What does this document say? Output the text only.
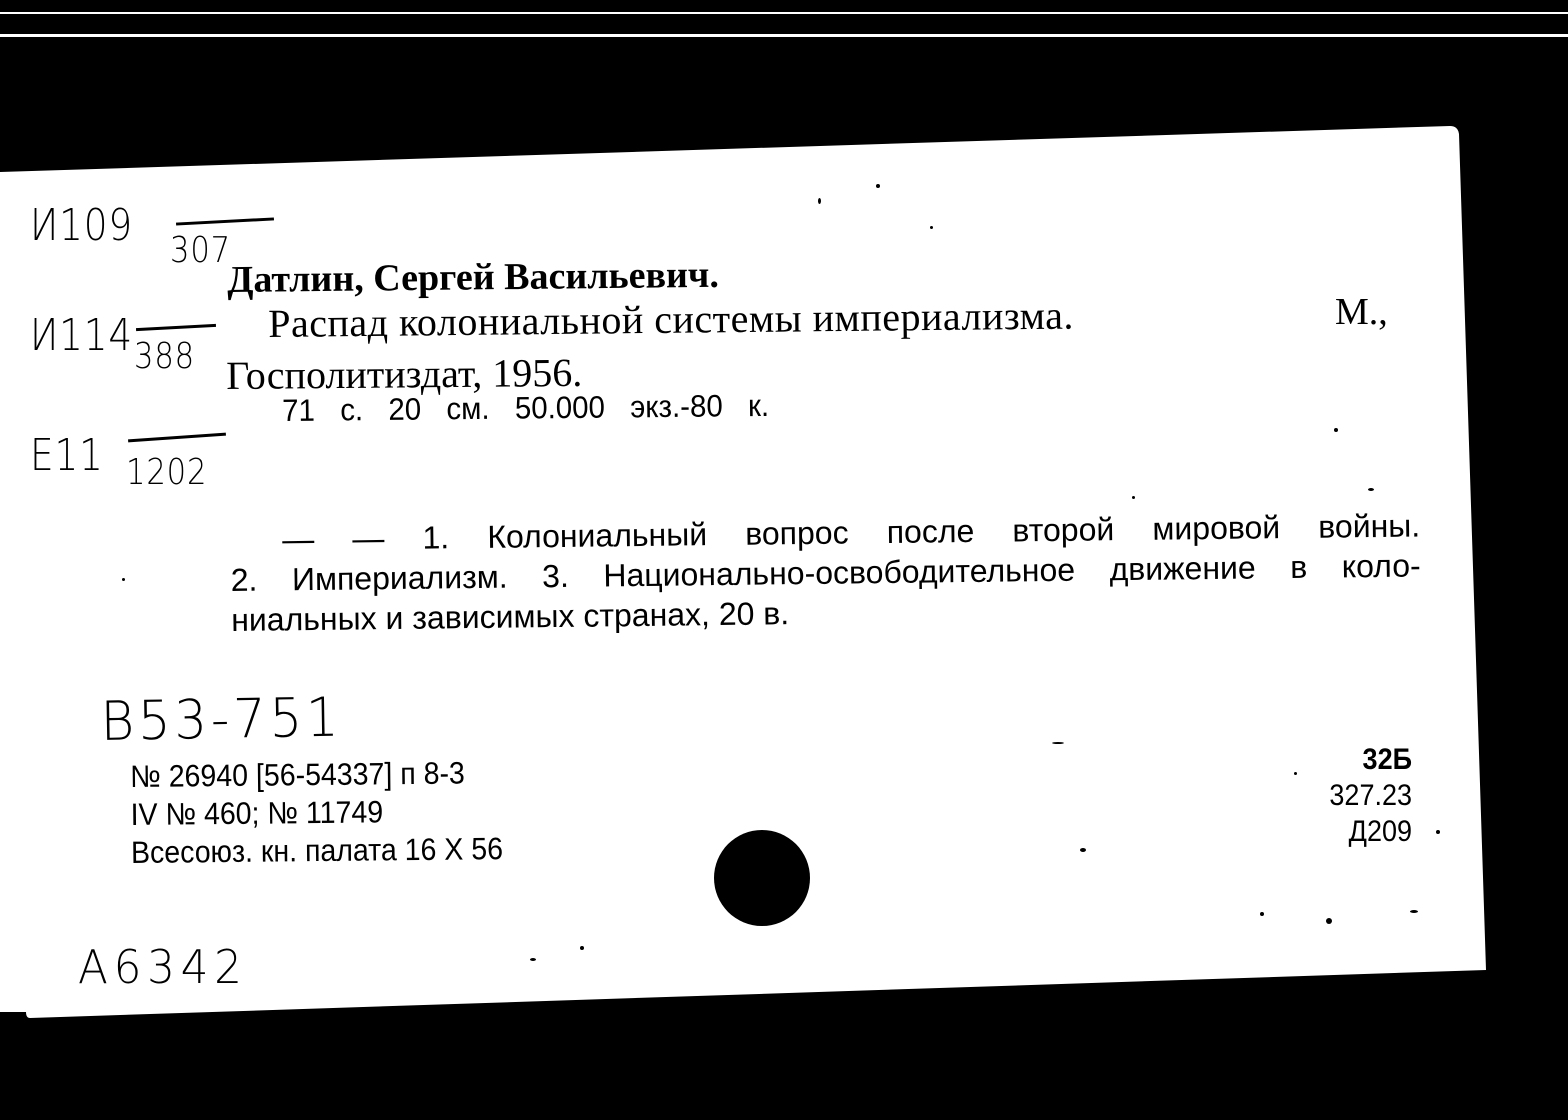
И109 307
И114 388
Е11 1202
Датлин, Сергей Васильевич.
Распад колониальной системы империализма.	М.,
Госполитиздат, 1956.
71 с. 20 см. 50.000 экз.-80 к.
— — 1. Колониальный вопрос после второй мировой войны.
2. Империализм. 3. Национально-освободительное движение в коло-
ниальных и зависимых странах, 20 в.
В53-751
№ 26940 [56-54337] п 8-3
IV № 460; № 11749
Всесоюз. кн. палата 16 X 56
32Б
327.23
Д209
А6342
